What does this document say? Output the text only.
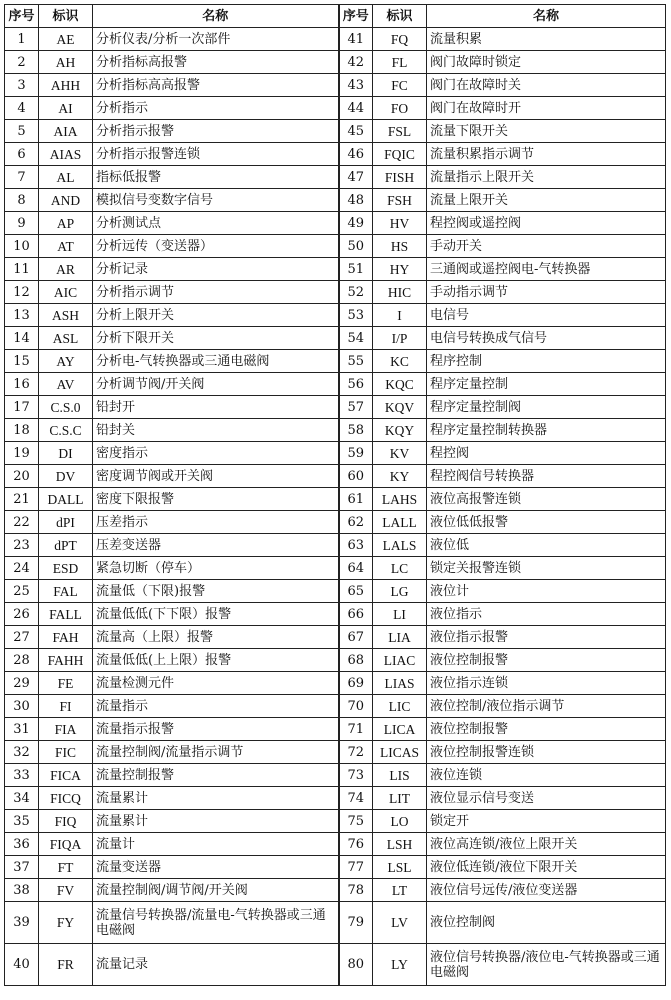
序号	标识	名称	序号	标识	名称
1	AE	分析仪表/分析一次部件	41	FQ	流量积累
2	AH	分析指标高报警	42	FL	阀门故障时锁定
3	AHH	分析指标高高报警	43	FC	阀门在故障时关
4	AI	分析指示	44	FO	阀门在故障时开
5	AIA	分析指示报警	45	FSL	流量下限开关
6	AIAS	分析指示报警连锁	46	FQIC	流量积累指示调节
7	AL	指标低报警	47	FISH	流量指示上限开关
8	AND	模拟信号变数字信号	48	FSH	流量上限开关
9	AP	分析测试点	49	HV	程控阀或遥控阀
10	AT	分析远传（变送器）	50	HS	手动开关
11	AR	分析记录	51	HY	三通阀或遥控阀电-气转换器
12	AIC	分析指示调节	52	HIC	手动指示调节
13	ASH	分析上限开关	53	I	电信号
14	ASL	分析下限开关	54	I/P	电信号转换成气信号
15	AY	分析电-气转换器或三通电磁阀	55	KC	程序控制
16	AV	分析调节阀/开关阀	56	KQC	程序定量控制
17	C.S.0	铅封开	57	KQV	程序定量控制阀
18	C.S.C	铅封关	58	KQY	程序定量控制转换器
19	DI	密度指示	59	KV	程控阀
20	DV	密度调节阀或开关阀	60	KY	程控阀信号转换器
21	DALL	密度下限报警	61	LAHS	液位高报警连锁
22	dPI	压差指示	62	LALL	液位低低报警
23	dPT	压差变送器	63	LALS	液位低
24	ESD	紧急切断（停车）	64	LC	锁定关报警连锁
25	FAL	流量低（下限)报警	65	LG	液位计
26	FALL	流量低低(下下限）报警	66	LI	液位指示
27	FAH	流量高（上限）报警	67	LIA	液位指示报警
28	FAHH	流量低低(上上限）报警	68	LIAC	液位控制报警
29	FE	流量检测元件	69	LIAS	液位指示连锁
30	FI	流量指示	70	LIC	液位控制/液位指示调节
31	FIA	流量指示报警	71	LICA	液位控制报警
32	FIC	流量控制阀/流量指示调节	72	LICAS	液位控制报警连锁
33	FICA	流量控制报警	73	LIS	液位连锁
34	FICQ	流量累计	74	LIT	液位显示信号变送
35	FIQ	流量累计	75	LO	锁定开
36	FIQA	流量计	76	LSH	液位高连锁/液位上限开关
37	FT	流量变送器	77	LSL	液位低连锁/液位下限开关
38	FV	流量控制阀/调节阀/开关阀	78	LT	液位信号远传/液位变送器
39	FY	流量信号转换器/流量电-气转换器或三通电磁阀	79	LV	液位控制阀
40	FR	流量记录	80	LY	液位信号转换器/液位电-气转换器或三通电磁阀
